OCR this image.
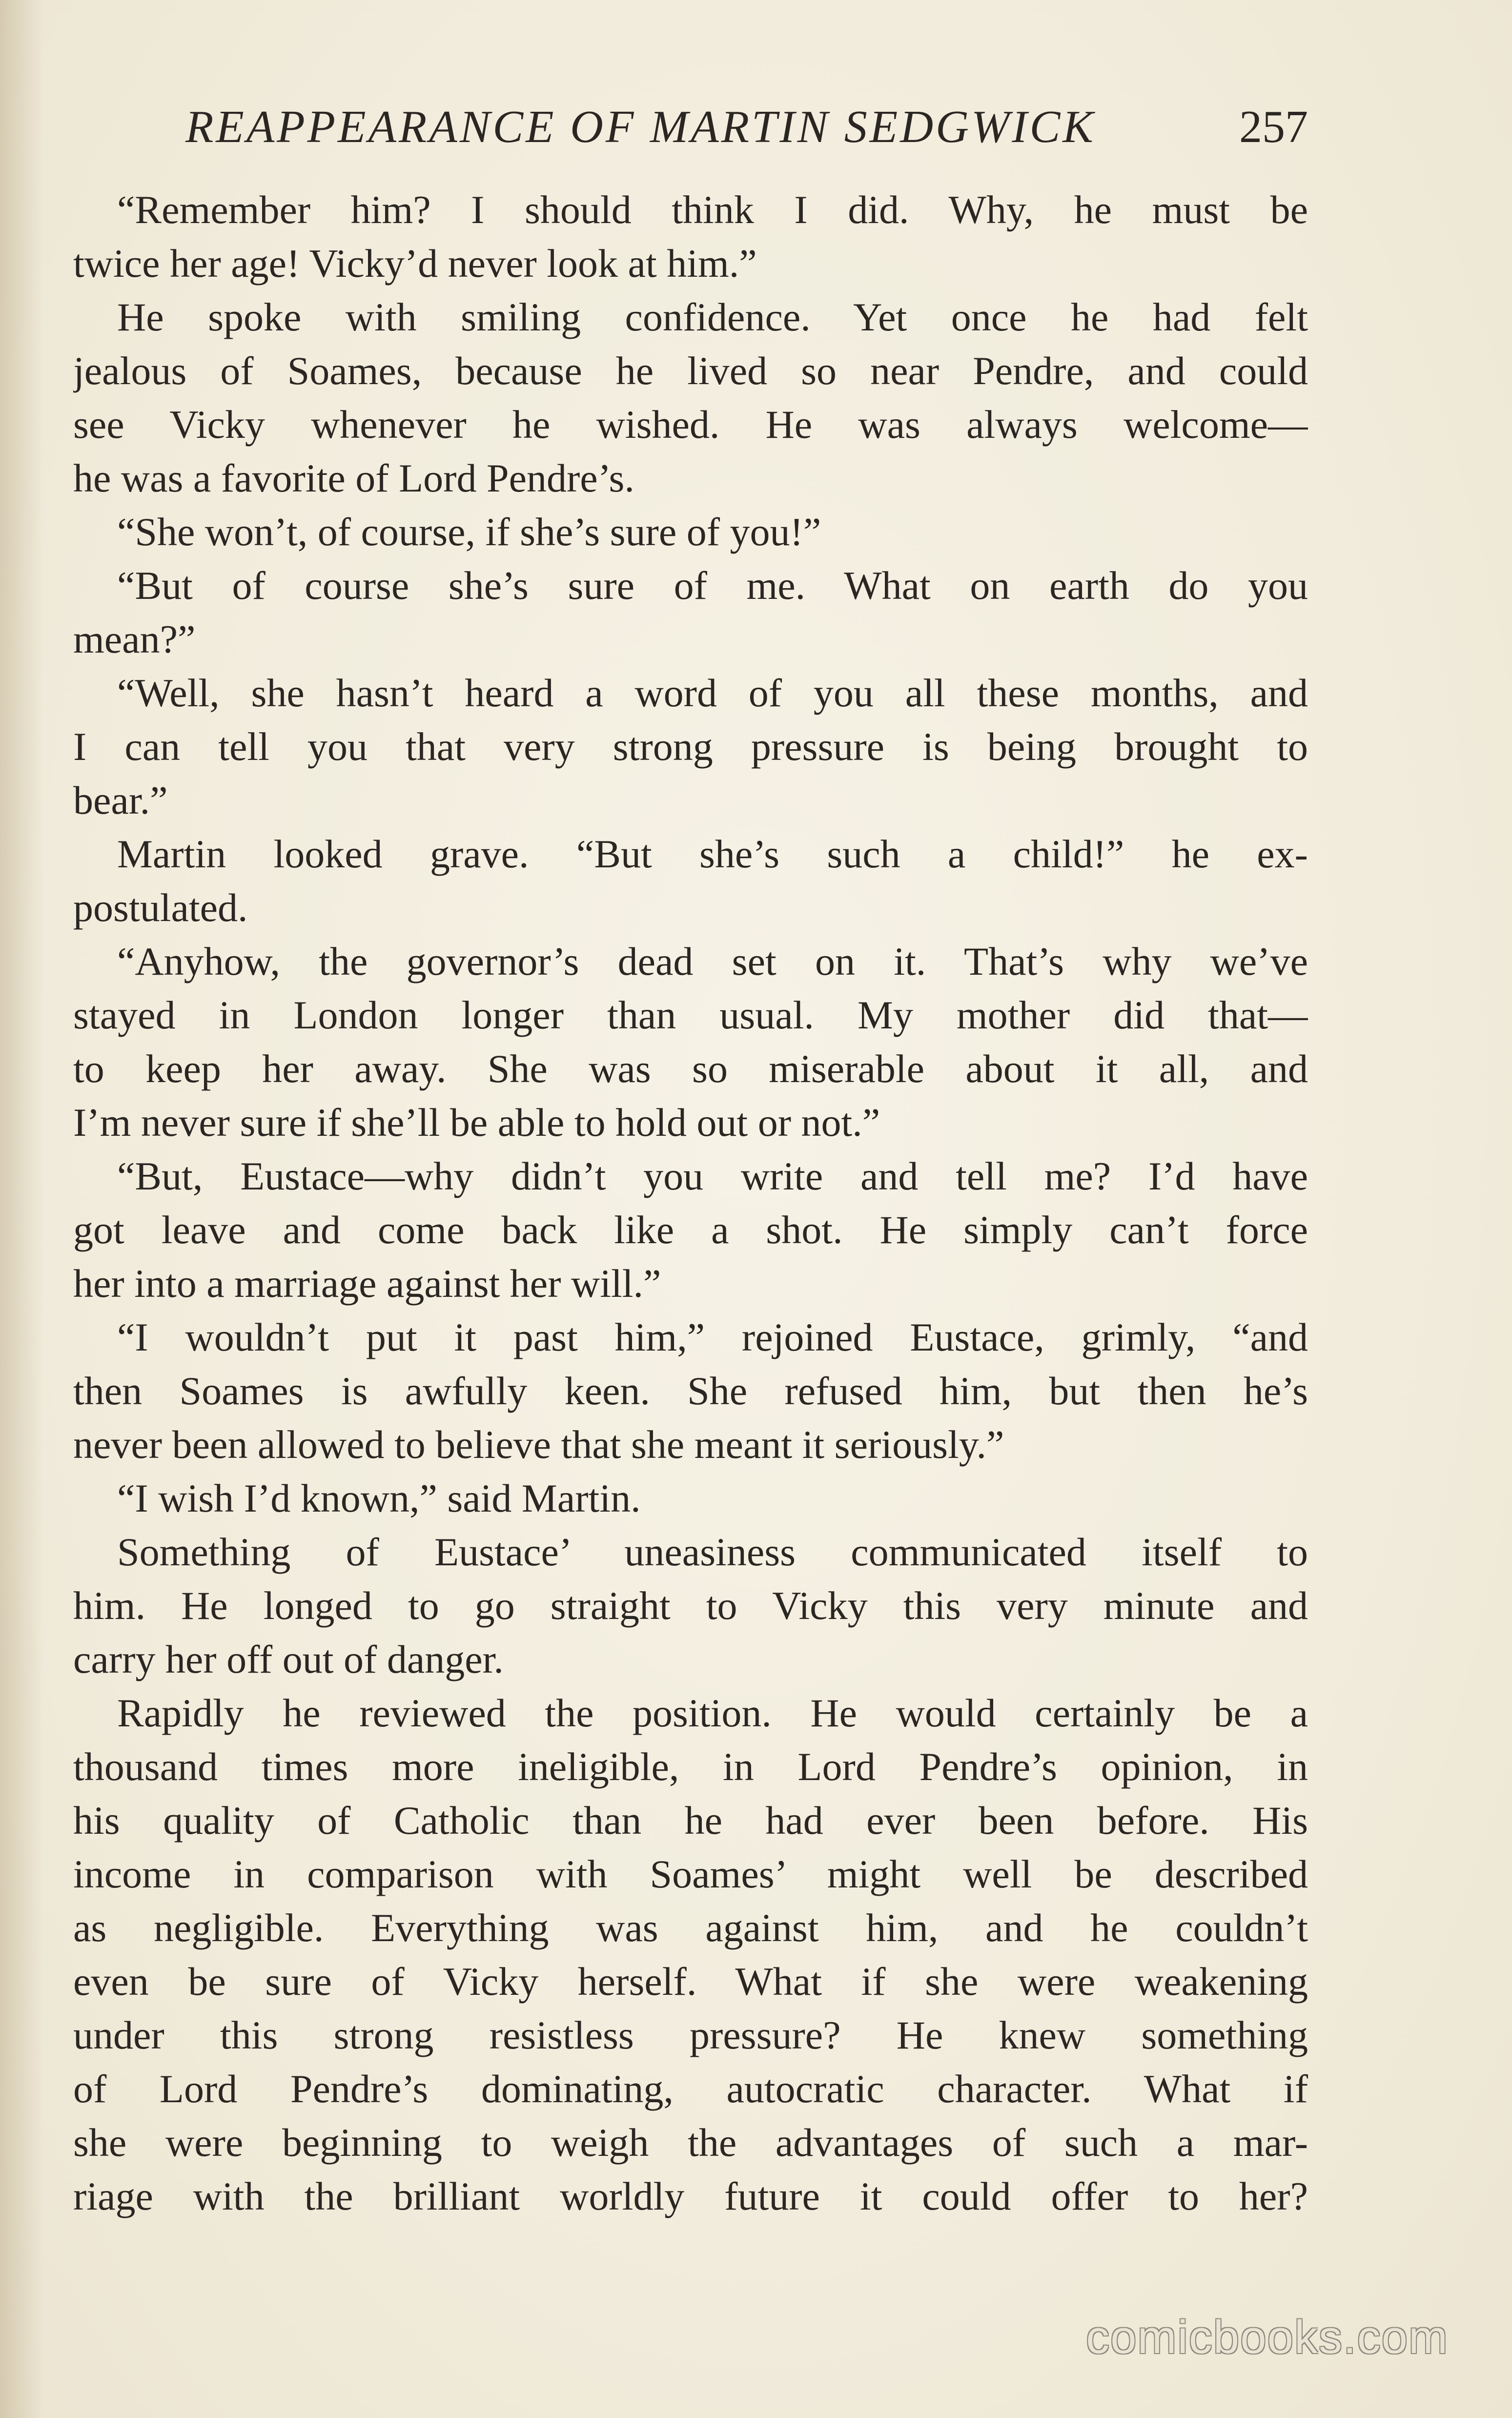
REAPPEARANCE OF MARTIN SEDGWICK	257
“Remember him? I should think I did. Why, he must be
twice her age! Vicky’d never look at him.”
He spoke with smiling confidence. Yet once he had felt
jealous of Soames, because he lived so near Pendre, and could
see Vicky whenever he wished. He was always welcome—
he was a favorite of Lord Pendre’s.
“She won’t, of course, if she’s sure of you!”
“But of course she’s sure of me. What on earth do you
mean?”
“Well, she hasn’t heard a word of you all these months, and
I can tell you that very strong pressure is being brought to
bear.”
Martin looked grave. “But she’s such a child!” he ex-
postulated.
“Anyhow, the governor’s dead set on it. That’s why we’ve
stayed in London longer than usual. My mother did that—
to keep her away. She was so miserable about it all, and
I’m never sure if she’ll be able to hold out or not.”
“But, Eustace—why didn’t you write and tell me? I’d have
got leave and come back like a shot. He simply can’t force
her into a marriage against her will.”
“I wouldn’t put it past him,” rejoined Eustace, grimly, “and
then Soames is awfully keen. She refused him, but then he’s
never been allowed to believe that she meant it seriously.”
“I wish I’d known,” said Martin.
Something of Eustace’ uneasiness communicated itself to
him. He longed to go straight to Vicky this very minute and
carry her off out of danger.
Rapidly he reviewed the position. He would certainly be a
thousand times more ineligible, in Lord Pendre’s opinion, in
his quality of Catholic than he had ever been before. His
income in comparison with Soames’ might well be described
as negligible. Everything was against him, and he couldn’t
even be sure of Vicky herself. What if she were weakening
under this strong resistless pressure? He knew something
of Lord Pendre’s dominating, autocratic character. What if
she were beginning to weigh the advantages of such a mar-
riage with the brilliant worldly future it could offer to her?
comicbooks.com
